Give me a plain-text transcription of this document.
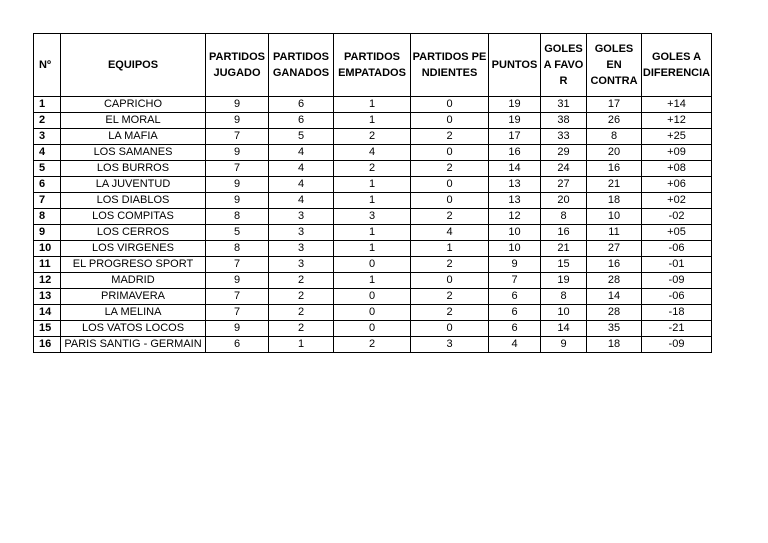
Nº	EQUIPOS	PARTIDOS JUGADO	PARTIDOS GANADOS	PARTIDOS EMPATADOS	PARTIDOS PENDIENTES	PUNTOS	GOLES A FAVOR	GOLES EN CONTRA	GOLES A DIFERENCIA
1	CAPRICHO	9	6	1	0	19	31	17	+14
2	EL MORAL	9	6	1	0	19	38	26	+12
3	LA MAFIA	7	5	2	2	17	33	8	+25
4	LOS SAMANES	9	4	4	0	16	29	20	+09
5	LOS BURROS	7	4	2	2	14	24	16	+08
6	LA JUVENTUD	9	4	1	0	13	27	21	+06
7	LOS DIABLOS	9	4	1	0	13	20	18	+02
8	LOS COMPITAS	8	3	3	2	12	8	10	-02
9	LOS CERROS	5	3	1	4	10	16	11	+05
10	LOS VIRGENES	8	3	1	1	10	21	27	-06
11	EL PROGRESO SPORT	7	3	0	2	9	15	16	-01
12	MADRID	9	2	1	0	7	19	28	-09
13	PRIMAVERA	7	2	0	2	6	8	14	-06
14	LA MELINA	7	2	0	2	6	10	28	-18
15	LOS VATOS LOCOS	9	2	0	0	6	14	35	-21
16	PARIS SANTIG - GERMAIN	6	1	2	3	4	9	18	-09
